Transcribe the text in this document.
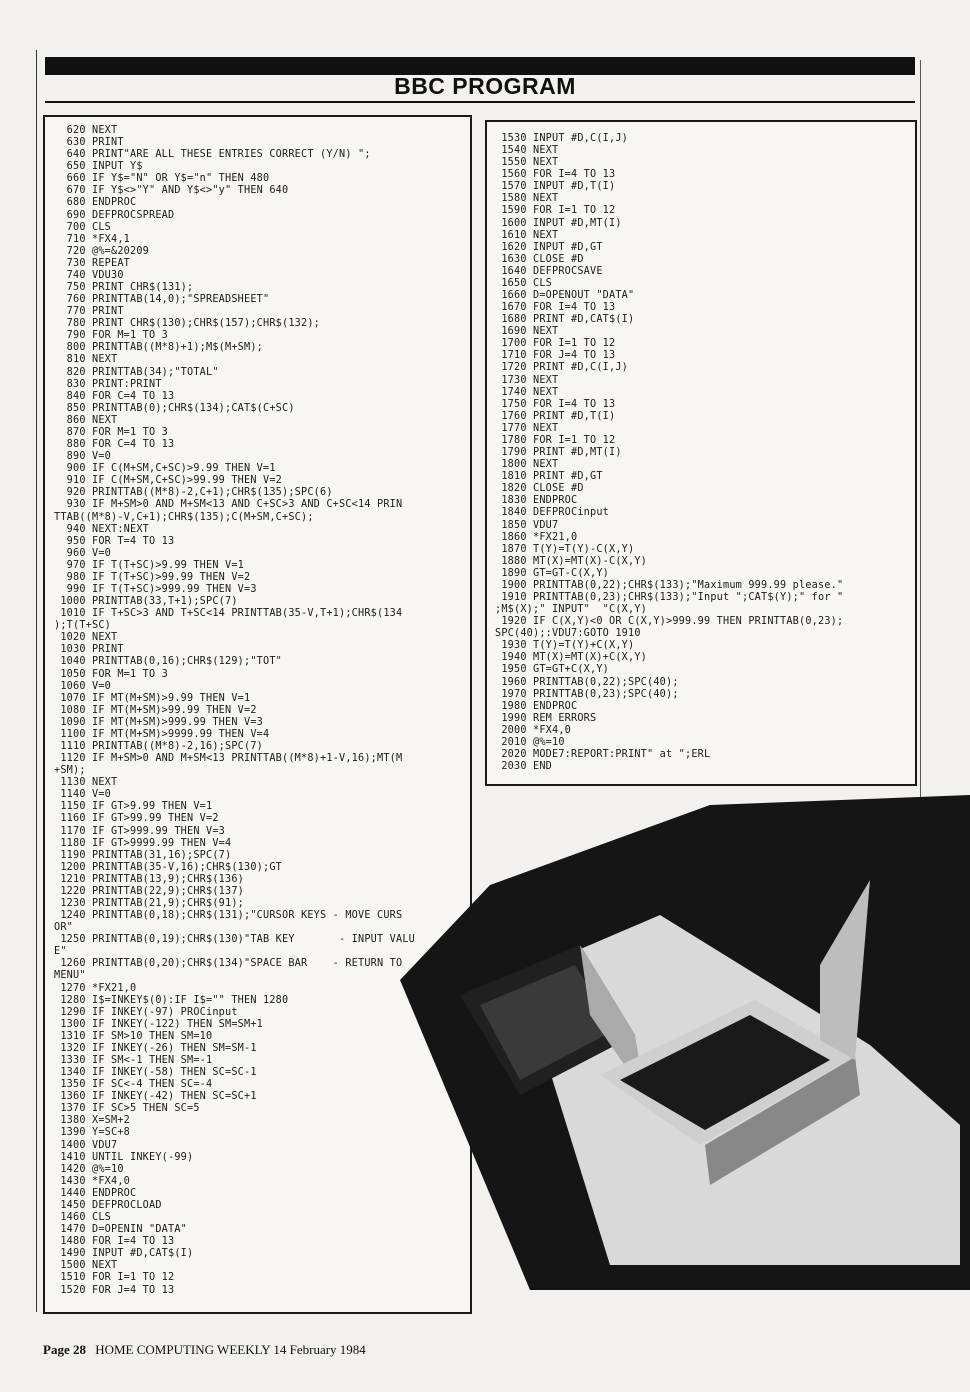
BBC PROGRAM
620 NEXT
630 PRINT
640 PRINT"ARE ALL THESE ENTRIES CORRECT (Y/N) ";
650 INPUT Y$
660 IF Y$="N" OR Y$="n" THEN 480
670 IF Y$<>"Y" AND Y$<>"y" THEN 640
680 ENDPROC
690 DEFPROCSPREAD
700 CLS
710 *FX4,1
720 @%=&20209
730 REPEAT
740 VDU30
750 PRINT CHR$(131);
760 PRINTTAB(14,0);"SPREADSHEET"
770 PRINT
780 PRINT CHR$(130);CHR$(157);CHR$(132);
790 FOR M=1 TO 3
800 PRINTTAB((M*8)+1);M$(M+SM);
810 NEXT
820 PRINTTAB(34);"TOTAL"
830 PRINT:PRINT
840 FOR C=4 TO 13
850 PRINTTAB(0);CHR$(134);CAT$(C+SC)
860 NEXT
870 FOR M=1 TO 3
880 FOR C=4 TO 13
890 V=0
900 IF C(M+SM,C+SC)>9.99 THEN V=1
910 IF C(M+SM,C+SC)>99.99 THEN V=2
920 PRINTTAB((M*8)-2,C+1);CHR$(135);SPC(6)
930 IF M+SM>0 AND M+SM<13 AND C+SC>3 AND C+SC<14 PRIN
TTAB((M*8)-V,C+1);CHR$(135);C(M+SM,C+SC);
940 NEXT:NEXT
950 FOR T=4 TO 13
960 V=0
970 IF T(T+SC)>9.99 THEN V=1
980 IF T(T+SC)>99.99 THEN V=2
990 IF T(T+SC)>999.99 THEN V=3
1000 PRINTTAB(33,T+1);SPC(7)
1010 IF T+SC>3 AND T+SC<14 PRINTTAB(35-V,T+1);CHR$(134
);T(T+SC)
1020 NEXT
1030 PRINT
1040 PRINTTAB(0,16);CHR$(129);"TOT"
1050 FOR M=1 TO 3
1060 V=0
1070 IF MT(M+SM)>9.99 THEN V=1
1080 IF MT(M+SM)>99.99 THEN V=2
1090 IF MT(M+SM)>999.99 THEN V=3
1100 IF MT(M+SM)>9999.99 THEN V=4
1110 PRINTTAB((M*8)-2,16);SPC(7)
1120 IF M+SM>0 AND M+SM<13 PRINTTAB((M*8)+1-V,16);MT(M
+SM);
1130 NEXT
1140 V=0
1150 IF GT>9.99 THEN V=1
1160 IF GT>99.99 THEN V=2
1170 IF GT>999.99 THEN V=3
1180 IF GT>9999.99 THEN V=4
1190 PRINTTAB(31,16);SPC(7)
1200 PRINTTAB(35-V,16);CHR$(130);GT
1210 PRINTTAB(13,9);CHR$(136)
1220 PRINTTAB(22,9);CHR$(137)
1230 PRINTTAB(21,9);CHR$(91);
1240 PRINTTAB(0,18);CHR$(131);"CURSOR KEYS - MOVE CURS
OR"
1250 PRINTTAB(0,19);CHR$(130)"TAB KEY       - INPUT VALU
E"
1260 PRINTTAB(0,20);CHR$(134)"SPACE BAR    - RETURN TO
MENU"
1270 *FX21,0
1280 I$=INKEY$(0):IF I$="" THEN 1280
1290 IF INKEY(-97) PROCinput
1300 IF INKEY(-122) THEN SM=SM+1
1310 IF SM>10 THEN SM=10
1320 IF INKEY(-26) THEN SM=SM-1
1330 IF SM<-1 THEN SM=-1
1340 IF INKEY(-58) THEN SC=SC-1
1350 IF SC<-4 THEN SC=-4
1360 IF INKEY(-42) THEN SC=SC+1
1370 IF SC>5 THEN SC=5
1380 X=SM+2
1390 Y=SC+8
1400 VDU7
1410 UNTIL INKEY(-99)
1420 @%=10
1430 *FX4,0
1440 ENDPROC
1450 DEFPROCLOAD
1460 CLS
1470 D=OPENIN "DATA"
1480 FOR I=4 TO 13
1490 INPUT #D,CAT$(I)
1500 NEXT
1510 FOR I=1 TO 12
1520 FOR J=4 TO 13

1530 INPUT #D,C(I,J)
1540 NEXT
1550 NEXT
1560 FOR I=4 TO 13
1570 INPUT #D,T(I)
1580 NEXT
1590 FOR I=1 TO 12
1600 INPUT #D,MT(I)
1610 NEXT
1620 INPUT #D,GT
1630 CLOSE #D
1640 DEFPROCSAVE
1650 CLS
1660 D=OPENOUT "DATA"
1670 FOR I=4 TO 13
1680 PRINT #D,CAT$(I)
1690 NEXT
1700 FOR I=1 TO 12
1710 FOR J=4 TO 13
1720 PRINT #D,C(I,J)
1730 NEXT
1740 NEXT
1750 FOR I=4 TO 13
1760 PRINT #D,T(I)
1770 NEXT
1780 FOR I=1 TO 12
1790 PRINT #D,MT(I)
1800 NEXT
1810 PRINT #D,GT
1820 CLOSE #D
1830 ENDPROC
1840 DEFPROCinput
1850 VDU7
1860 *FX21,0
1870 T(Y)=T(Y)-C(X,Y)
1880 MT(X)=MT(X)-C(X,Y)
1890 GT=GT-C(X,Y)
1900 PRINTTAB(0,22);CHR$(133);"Maximum 999.99 please."
1910 PRINTTAB(0,23);CHR$(133);"Input ";CAT$(Y);" for "
;M$(X);" INPUT"  "C(X,Y)
1920 IF C(X,Y)<0 OR C(X,Y)>999.99 THEN PRINTTAB(0,23);
SPC(40);:VDU7:GOTO 1910
1930 T(Y)=T(Y)+C(X,Y)
1940 MT(X)=MT(X)+C(X,Y)
1950 GT=GT+C(X,Y)
1960 PRINTTAB(0,22);SPC(40);
1970 PRINTTAB(0,23);SPC(40);
1980 ENDPROC
1990 REM ERRORS
2000 *FX4,0
2010 @%=10
2020 MODE7:REPORT:PRINT" at ";ERL
2030 END

Page 28 HOME COMPUTING WEEKLY 14 February 1984
